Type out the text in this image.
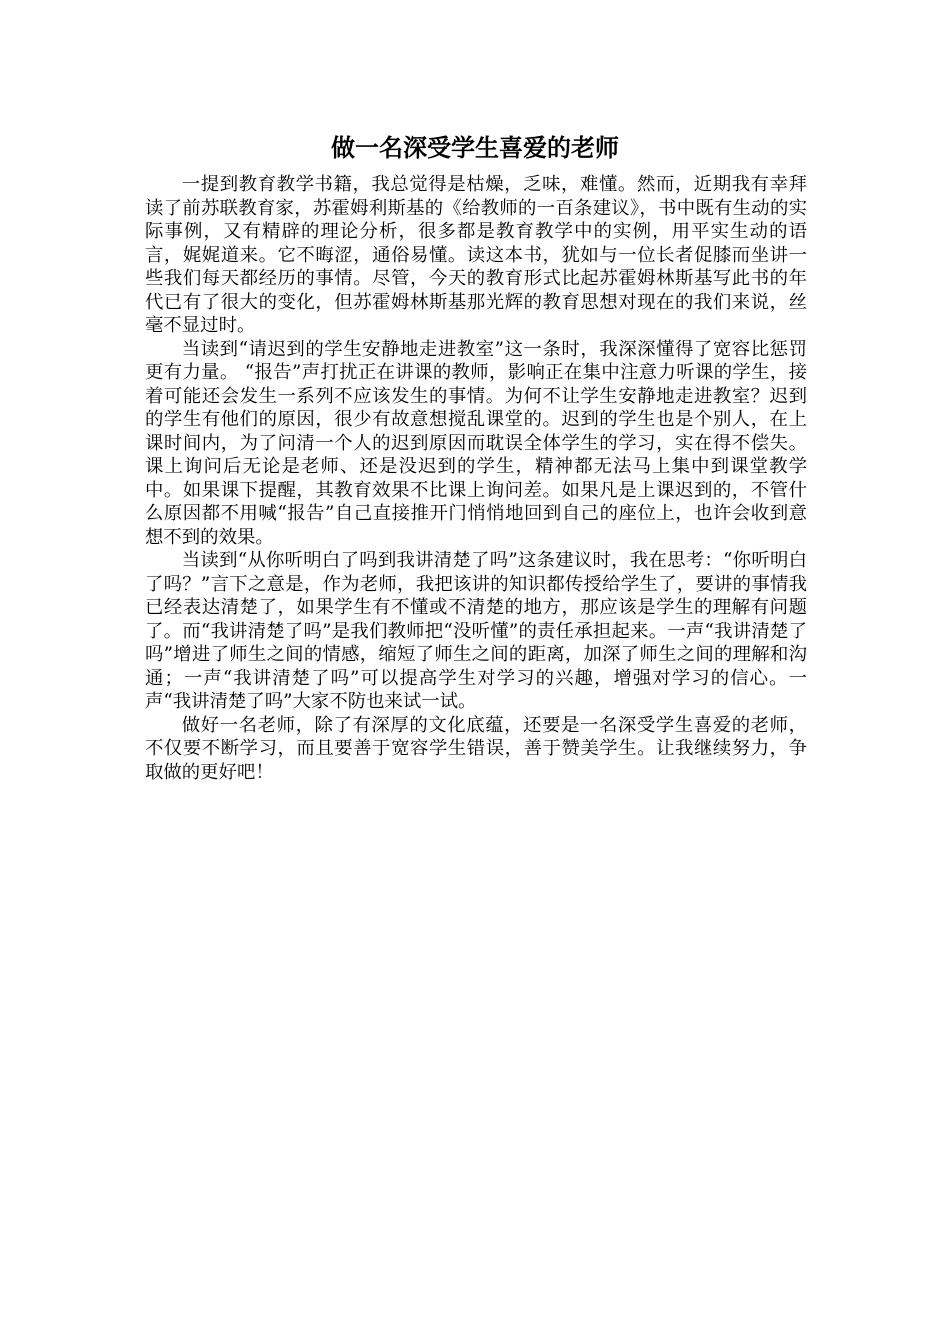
做一名深受学生喜爱的老师

一提到教育教学书籍，我总觉得是枯燥，乏味，难懂。然而，近期我有幸拜读了前苏联教育家，苏霍姆利斯基的《给教师的一百条建议》，书中既有生动的实际事例，又有精辟的理论分析，很多都是教育教学中的实例，用平实生动的语言，娓娓道来。它不晦涩，通俗易懂。读这本书，犹如与一位长者促膝而坐讲一些我们每天都经历的事情。尽管，今天的教育形式比起苏霍姆林斯基写此书的年代已有了很大的变化，但苏霍姆林斯基那光辉的教育思想对现在的我们来说，丝毫不显过时。

当读到“请迟到的学生安静地走进教室”这一条时，我深深懂得了宽容比惩罚更有力量。 “报告”声打扰正在讲课的教师，影响正在集中注意力听课的学生，接着可能还会发生一系列不应该发生的事情。为何不让学生安静地走进教室？迟到的学生有他们的原因，很少有故意想搅乱课堂的。迟到的学生也是个别人，在上课时间内，为了问清一个人的迟到原因而耽误全体学生的学习，实在得不偿失。课上询问后无论是老师、还是没迟到的学生，精神都无法马上集中到课堂教学中。如果课下提醒，其教育效果不比课上询问差。如果凡是上课迟到的，不管什么原因都不用喊“报告”自己直接推开门悄悄地回到自己的座位上，也许会收到意想不到的效果。

当读到“从你听明白了吗到我讲清楚了吗”这条建议时，我在思考：“你听明白了吗？”言下之意是，作为老师，我把该讲的知识都传授给学生了，要讲的事情我已经表达清楚了，如果学生有不懂或不清楚的地方，那应该是学生的理解有问题了。而“我讲清楚了吗”是我们教师把“没听懂”的责任承担起来。一声“我讲清楚了吗”增进了师生之间的情感，缩短了师生之间的距离，加深了师生之间的理解和沟通；一声“我讲清楚了吗”可以提高学生对学习的兴趣，增强对学习的信心。一声“我讲清楚了吗”大家不防也来试一试。

做好一名老师，除了有深厚的文化底蕴，还要是一名深受学生喜爱的老师，不仅要不断学习，而且要善于宽容学生错误，善于赞美学生。让我继续努力，争取做的更好吧！
